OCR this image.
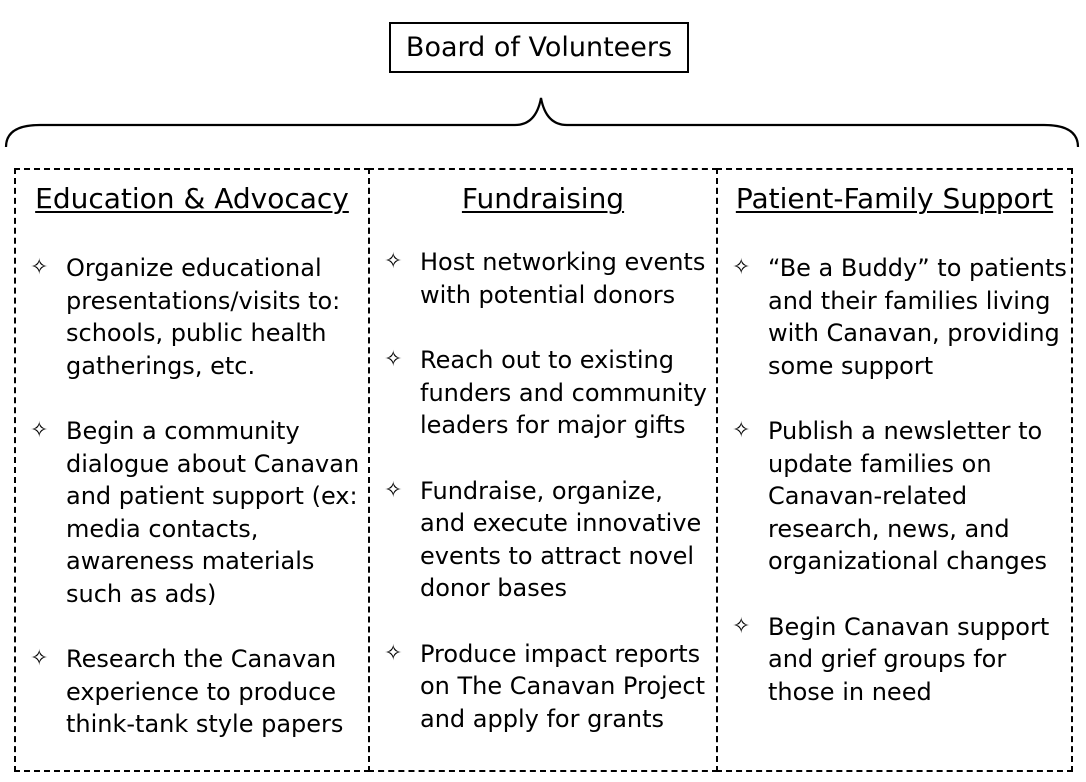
Board of Volunteers
Education & Advocacy
✧ Organize educational presentations/visits to: schools, public health gatherings, etc.
✧ Begin a community dialogue about Canavan and patient support (ex: media contacts, awareness materials such as ads)
✧ Research the Canavan experience to produce think-tank style papers
Fundraising
✧ Host networking events with potential donors
✧ Reach out to existing funders and community leaders for major gifts
✧ Fundraise, organize, and execute innovative events to attract novel donor bases
✧ Produce impact reports on The Canavan Project and apply for grants
Patient-Family Support
✧ “Be a Buddy” to patients and their families living with Canavan, providing some support
✧ Publish a newsletter to update families on Canavan-related research, news, and organizational changes
✧ Begin Canavan support and grief groups for those in need
